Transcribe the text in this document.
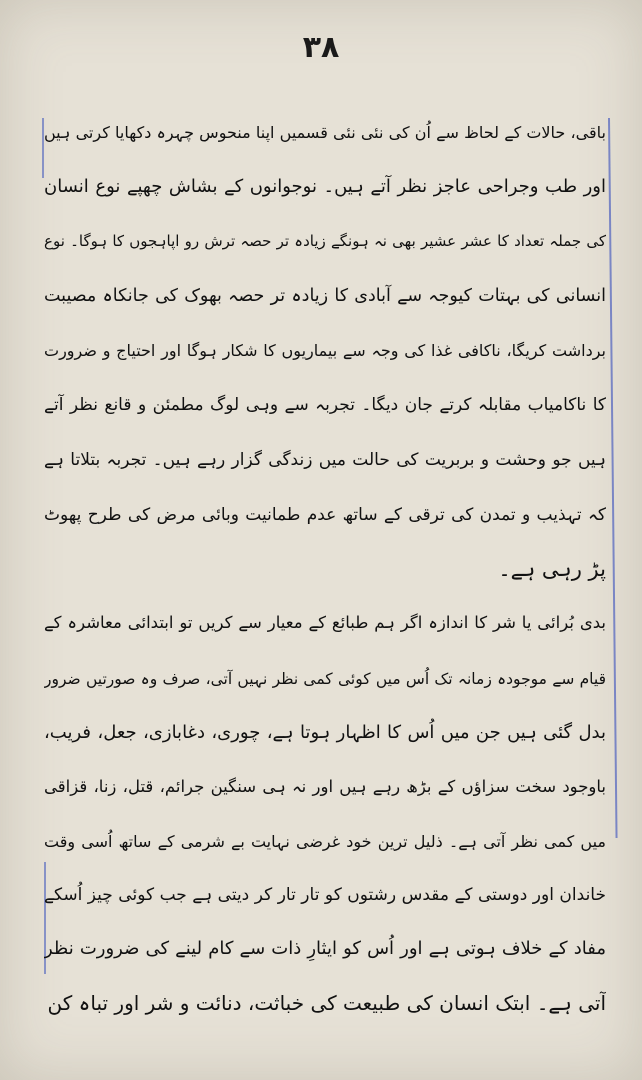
۳۸
باقی، حالات کے لحاظ سے اُن کی نئی نئی قسمیں اپنا منحوس چہرہ دکھایا کرتی ہیں
اور طب وجراحی عاجز نظر آتے ہیں۔ نوجوانوں کے بشاش چھپے نوع انسان
کی جملہ تعداد کا عشر عشیر بھی نہ ہونگے زیادہ تر حصہ ترش رو اپاہجوں کا ہوگا۔ نوع
انسانی کی بہتات کیوجہ سے آبادی کا زیادہ تر حصہ بھوک کی جانکاہ مصیبت
برداشت کریگا، ناکافی غذا کی وجہ سے بیماریوں کا شکار ہوگا اور احتیاج و ضرورت
کا ناکامیاب مقابلہ کرتے جان دیگا۔ تجربہ سے وہی لوگ مطمئن و قانع نظر آتے
ہیں جو وحشت و بربریت کی حالت میں زندگی گزار رہے ہیں۔ تجربہ بتلاتا ہے
کہ تہذیب و تمدن کی ترقی کے ساتھ عدم طمانیت وبائی مرض کی طرح پھوٹ
پڑ رہی ہے۔
بدی بُرائی یا شر کا اندازہ اگر ہم طبائع کے معیار سے کریں تو ابتدائی معاشرہ کے
قیام سے موجودہ زمانہ تک اُس میں کوئی کمی نظر نہیں آتی، صرف وہ صورتیں ضرور
بدل گئی ہیں جن میں اُس کا اظہار ہوتا ہے، چوری، دغابازی، جعل، فریب،
باوجود سخت سزاؤں کے بڑھ رہے ہیں اور نہ ہی سنگین جرائم، قتل، زنا، قزاقی
میں کمی نظر آتی ہے۔ ذلیل ترین خود غرضی نہایت بے شرمی کے ساتھ اُسی وقت
خاندان اور دوستی کے مقدس رشتوں کو تار تار کر دیتی ہے جب کوئی چیز اُسکے
مفاد کے خلاف ہوتی ہے اور اُس کو ایثارِ ذات سے کام لینے کی ضرورت نظر
آتی ہے۔ ابتک انسان کی طبیعت کی خباثت، دنائت و شر اور تباہ کن
